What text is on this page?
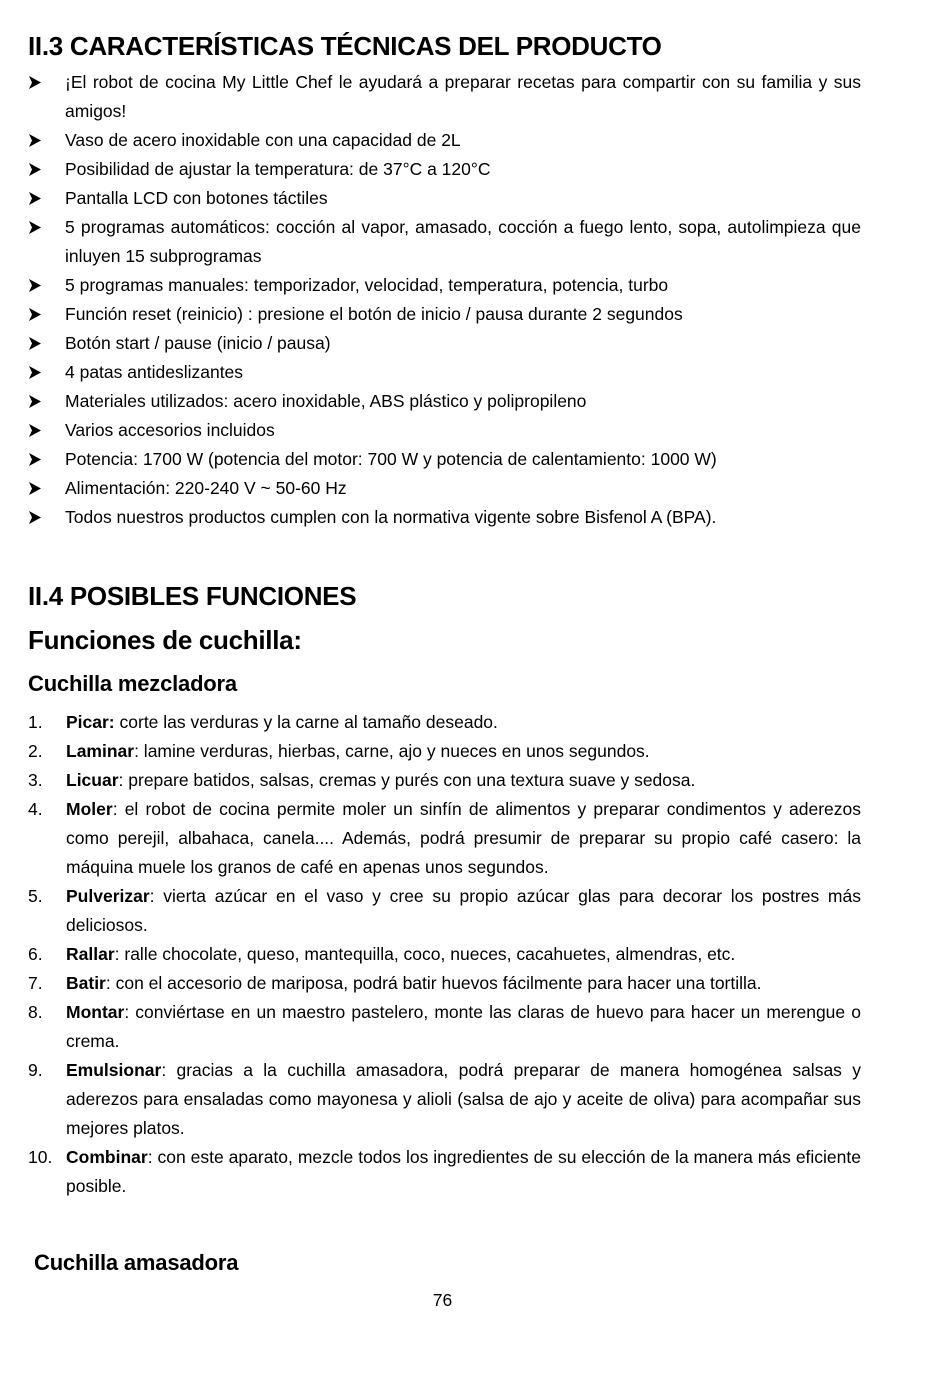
II.3 CARACTERÍSTICAS TÉCNICAS DEL PRODUCTO
¡El robot de cocina My Little Chef le ayudará a preparar recetas para compartir con su familia y sus amigos!
Vaso de acero inoxidable con una capacidad de 2L
Posibilidad de ajustar la temperatura: de 37°C a 120°C
Pantalla LCD con botones táctiles
5 programas automáticos: cocción al vapor, amasado, cocción a fuego lento, sopa, autolimpieza que inluyen 15 subprogramas
5 programas manuales: temporizador, velocidad, temperatura, potencia, turbo
Función reset (reinicio) : presione el botón de inicio / pausa durante 2 segundos
Botón start / pause (inicio / pausa)
4 patas antideslizantes
Materiales utilizados: acero inoxidable, ABS plástico y polipropileno
Varios accesorios incluidos
Potencia: 1700 W (potencia del motor: 700 W y potencia de calentamiento: 1000 W)
Alimentación: 220-240 V ~ 50-60 Hz
Todos nuestros productos cumplen con la normativa vigente sobre Bisfenol A (BPA).
II.4 POSIBLES FUNCIONES
Funciones de cuchilla:
Cuchilla mezcladora
1. Picar: corte las verduras y la carne al tamaño deseado.
2. Laminar: lamine verduras, hierbas, carne, ajo y nueces en unos segundos.
3. Licuar: prepare batidos, salsas, cremas y purés con una textura suave y sedosa.
4. Moler: el robot de cocina permite moler un sinfín de alimentos y preparar condimentos y aderezos como perejil, albahaca, canela.... Además, podrá presumir de preparar su propio café casero: la máquina muele los granos de café en apenas unos segundos.
5. Pulverizar: vierta azúcar en el vaso y cree su propio azúcar glas para decorar los postres más deliciosos.
6. Rallar: ralle chocolate, queso, mantequilla, coco, nueces, cacahuetes, almendras, etc.
7. Batir: con el accesorio de mariposa, podrá batir huevos fácilmente para hacer una tortilla.
8. Montar: conviértase en un maestro pastelero, monte las claras de huevo para hacer un merengue o crema.
9. Emulsionar: gracias a la cuchilla amasadora, podrá preparar de manera homogénea salsas y aderezos para ensaladas como mayonesa y alioli (salsa de ajo y aceite de oliva) para acompañar sus mejores platos.
10. Combinar: con este aparato, mezcle todos los ingredientes de su elección de la manera más eficiente posible.
Cuchilla amasadora
76
